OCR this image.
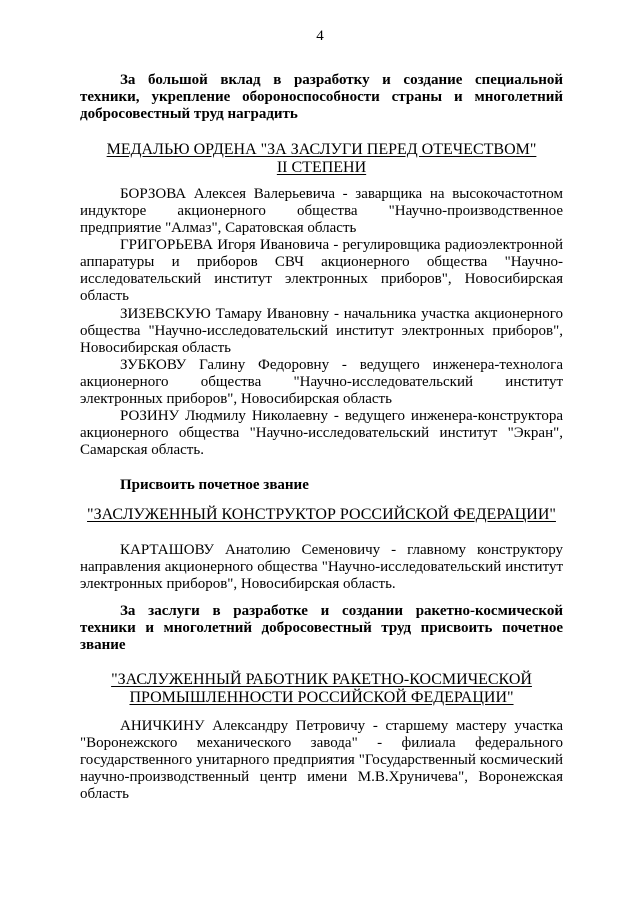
4

За большой вклад в разработку и создание специальной техники, укрепление обороноспособности страны и многолетний добросовестный труд наградить

МЕДАЛЬЮ ОРДЕНА "ЗА ЗАСЛУГИ ПЕРЕД ОТЕЧЕСТВОМ"
II СТЕПЕНИ

БОРЗОВА Алексея Валерьевича - заварщика на высокочастотном индукторе акционерного общества "Научно-производственное предприятие "Алмаз", Саратовская область

ГРИГОРЬЕВА Игоря Ивановича - регулировщика радиоэлектронной аппаратуры и приборов СВЧ акционерного общества "Научно-исследовательский институт электронных приборов", Новосибирская область

ЗИЗЕВСКУЮ Тамару Ивановну - начальника участка акционерного общества "Научно-исследовательский институт электронных приборов", Новосибирская область

ЗУБКОВУ Галину Федоровну - ведущего инженера-технолога акционерного общества "Научно-исследовательский институт электронных приборов", Новосибирская область

РОЗИНУ Людмилу Николаевну - ведущего инженера-конструктора акционерного общества "Научно-исследовательский институт "Экран", Самарская область.

Присвоить почетное звание

"ЗАСЛУЖЕННЫЙ КОНСТРУКТОР РОССИЙСКОЙ ФЕДЕРАЦИИ"

КАРТАШОВУ Анатолию Семеновичу - главному конструктору направления акционерного общества "Научно-исследовательский институт электронных приборов", Новосибирская область.

За заслуги в разработке и создании ракетно-космической техники и многолетний добросовестный труд присвоить почетное звание

"ЗАСЛУЖЕННЫЙ РАБОТНИК РАКЕТНО-КОСМИЧЕСКОЙ
ПРОМЫШЛЕННОСТИ РОССИЙСКОЙ ФЕДЕРАЦИИ"

АНИЧКИНУ Александру Петровичу - старшему мастеру участка "Воронежского механического завода" - филиала федерального государственного унитарного предприятия "Государственный космический научно-производственный центр имени М.В.Хруничева", Воронежская область
